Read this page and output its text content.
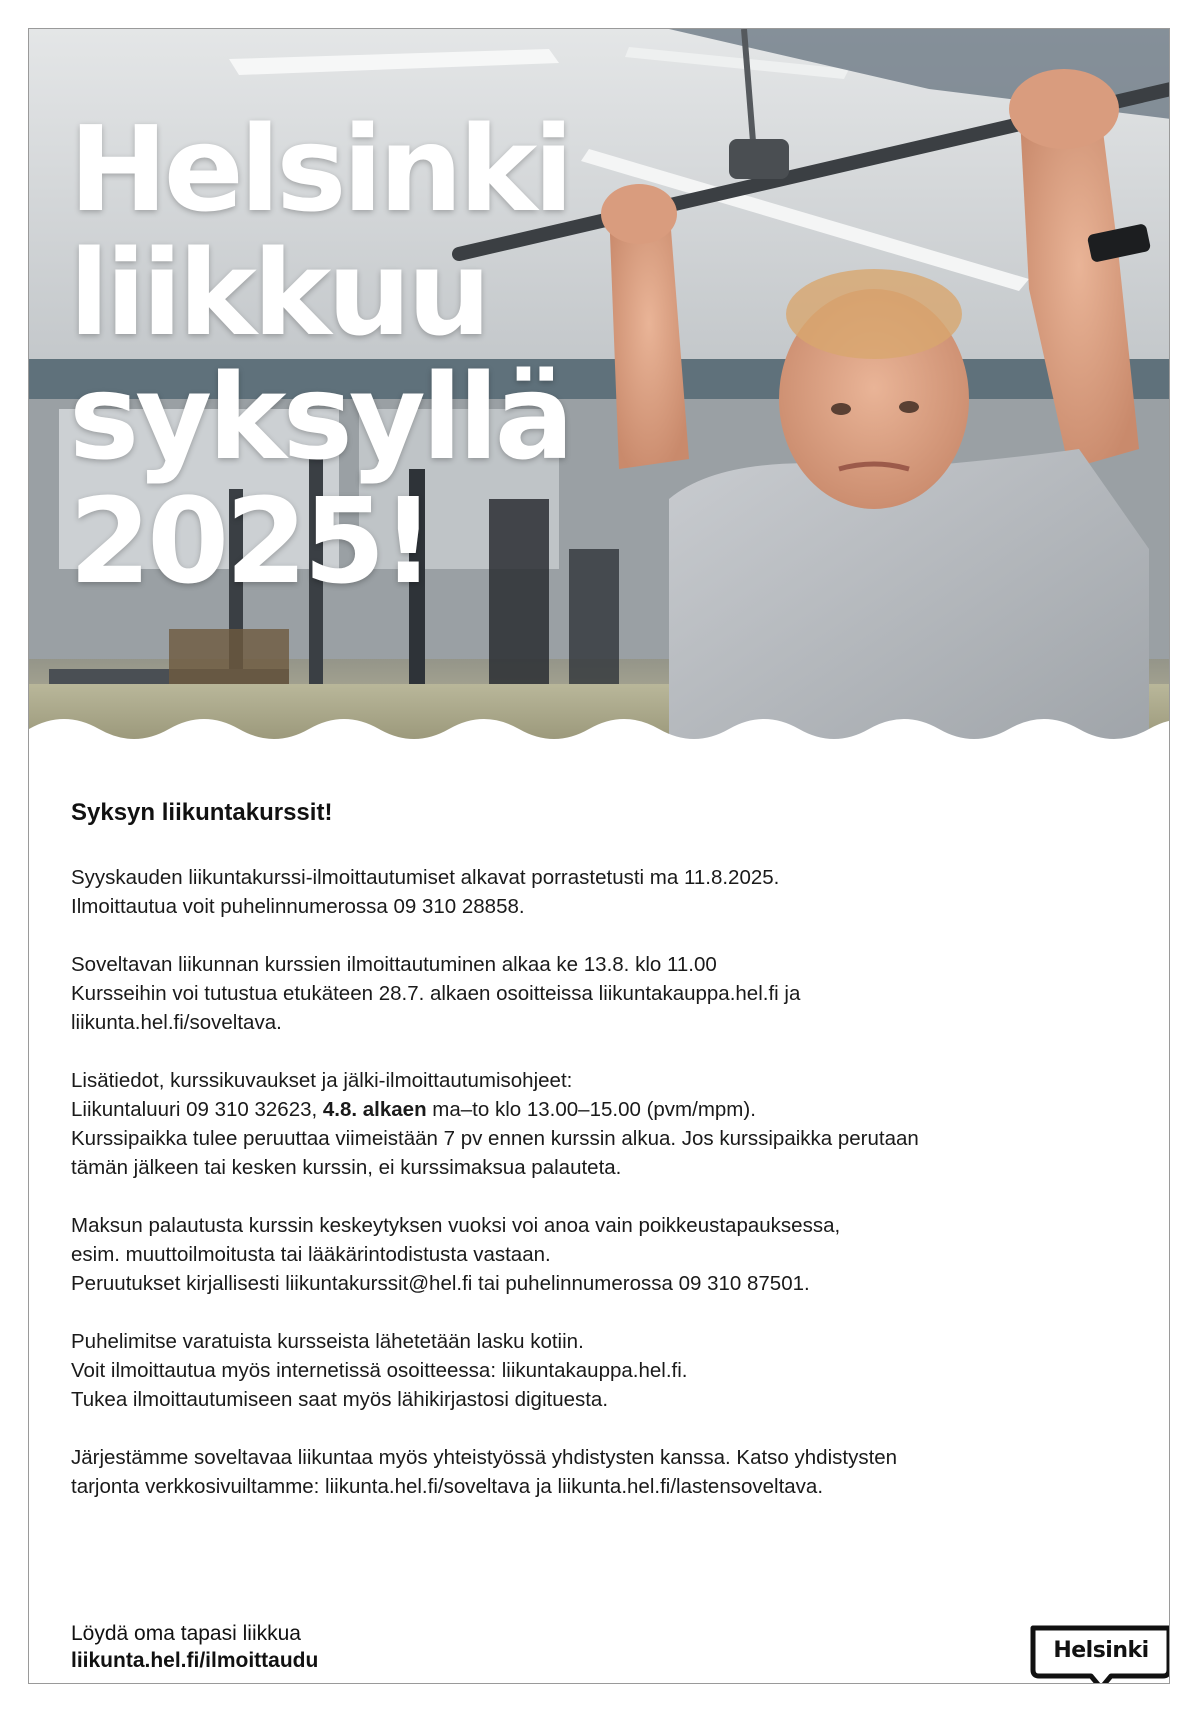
Helsinki
liikkuu
syksyllä
2025!
Syksyn liikuntakurssit!

Syyskauden liikuntakurssi-ilmoittautumiset alkavat porrastetusti ma 11.8.2025.
Ilmoittautua voit puhelinnumerossa 09 310 28858.

Soveltavan liikunnan kurssien ilmoittautuminen alkaa ke 13.8. klo 11.00
Kursseihin voi tutustua etukäteen 28.7. alkaen osoitteissa liikuntakauppa.hel.fi ja
liikunta.hel.fi/soveltava.

Lisätiedot, kurssikuvaukset ja jälki-ilmoittautumisohjeet:
Liikuntaluuri 09 310 32623, 4.8. alkaen ma–to klo 13.00–15.00 (pvm/mpm).
Kurssipaikka tulee peruuttaa viimeistään 7 pv ennen kurssin alkua. Jos kurssipaikka perutaan
tämän jälkeen tai kesken kurssin, ei kurssimaksua palauteta.

Maksun palautusta kurssin keskeytyksen vuoksi voi anoa vain poikkeustapauksessa,
esim. muuttoilmoitusta tai lääkärintodistusta vastaan.
Peruutukset kirjallisesti liikuntakurssit@hel.fi tai puhelinnumerossa 09 310 87501.

Puhelimitse varatuista kursseista lähetetään lasku kotiin.
Voit ilmoittautua myös internetissä osoitteessa: liikuntakauppa.hel.fi.
Tukea ilmoittautumiseen saat myös lähikirjastosi digituesta.

Järjestämme soveltavaa liikuntaa myös yhteistyössä yhdistysten kanssa. Katso yhdistysten
tarjonta verkkosivuiltamme: liikunta.hel.fi/soveltava ja liikunta.hel.fi/lastensoveltava.

Löydä oma tapasi liikkua
liikunta.hel.fi/ilmoittaudu	Helsinki
